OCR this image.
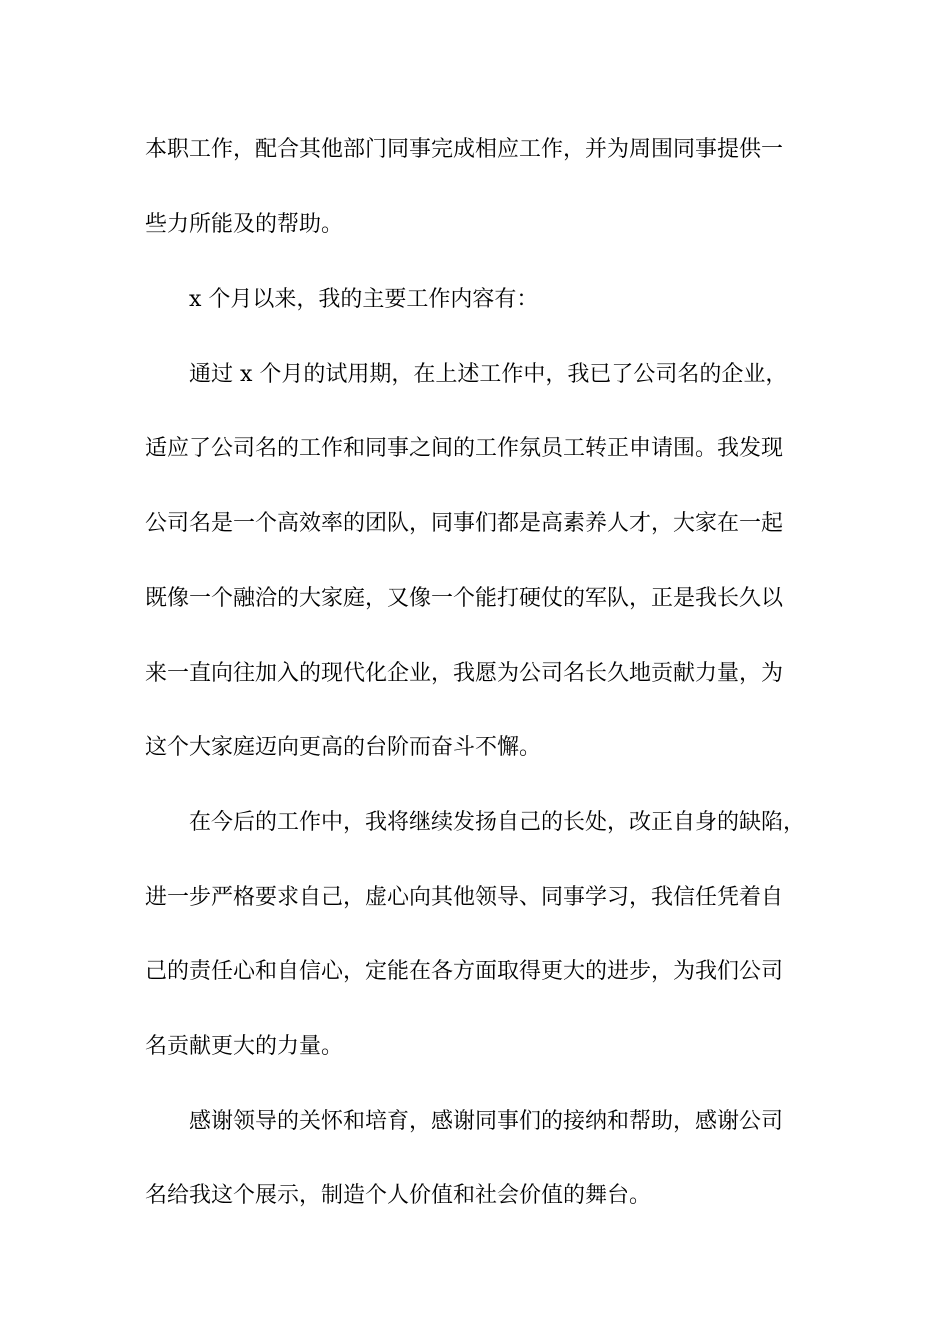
本职工作，配合其他部门同事完成相应工作，并为周围同事提供一
些力所能及的帮助。
x 个月以来，我的主要工作内容有：
通过 x 个月的试用期，在上述工作中，我已了公司名的企业，
适应了公司名的工作和同事之间的工作氛员工转正申请围。我发现
公司名是一个高效率的团队，同事们都是高素养人才，大家在一起
既像一个融洽的大家庭，又像一个能打硬仗的军队，正是我长久以
来一直向往加入的现代化企业，我愿为公司名长久地贡献力量，为
这个大家庭迈向更高的台阶而奋斗不懈。
在今后的工作中，我将继续发扬自己的长处，改正自身的缺陷，
进一步严格要求自己，虚心向其他领导、同事学习，我信任凭着自
己的责任心和自信心，定能在各方面取得更大的进步，为我们公司
名贡献更大的力量。
感谢领导的关怀和培育，感谢同事们的接纳和帮助，感谢公司
名给我这个展示，制造个人价值和社会价值的舞台。
